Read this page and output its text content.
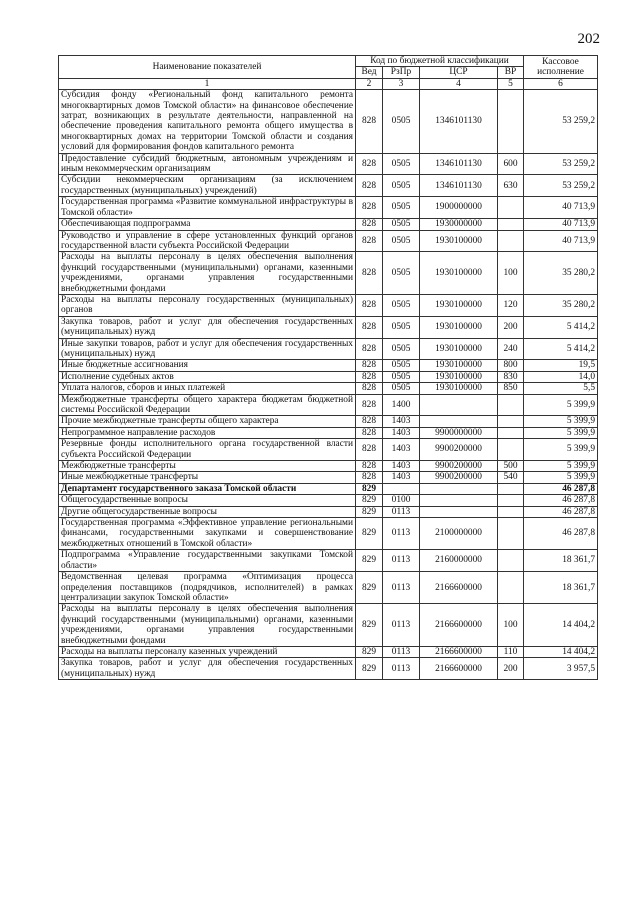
202
Наименование показателей	Код по бюджетной классификации				Кассовое исполнение
	Вед	РзПр	ЦСР	ВР	
1	2	3	4	5	6
Субсидия фонду «Региональный фонд капитального ремонта многоквартирных домов Томской области» на финансовое обеспечение затрат, возникающих в результате деятельности, направленной на обеспечение проведения капитального ремонта общего имущества в многоквартирных домах на территории Томской области и создания условий для формирования фондов капитального ремонта	828	0505	1346101130		53 259,2
Предоставление субсидий бюджетным, автономным учреждениям и иным некоммерческим организациям	828	0505	1346101130	600	53 259,2
Субсидии некоммерческим организациям (за исключением государственных (муниципальных) учреждений)	828	0505	1346101130	630	53 259,2
Государственная программа «Развитие коммунальной инфраструктуры в Томской области»	828	0505	1900000000		40 713,9
Обеспечивающая подпрограмма	828	0505	1930000000		40 713,9
Руководство и управление в сфере установленных функций органов государственной власти субъекта Российской Федерации	828	0505	1930100000		40 713,9
Расходы на выплаты персоналу в целях обеспечения выполнения функций государственными (муниципальными) органами, казенными учреждениями, органами управления государственными внебюджетными фондами	828	0505	1930100000	100	35 280,2
Расходы на выплаты персоналу государственных (муниципальных) органов	828	0505	1930100000	120	35 280,2
Закупка товаров, работ и услуг для обеспечения государственных (муниципальных) нужд	828	0505	1930100000	200	5 414,2
Иные закупки товаров, работ и услуг для обеспечения государственных (муниципальных) нужд	828	0505	1930100000	240	5 414,2
Иные бюджетные ассигнования	828	0505	1930100000	800	19,5
Исполнение судебных актов	828	0505	1930100000	830	14,0
Уплата налогов, сборов и иных платежей	828	0505	1930100000	850	5,5
Межбюджетные трансферты общего характера бюджетам бюджетной системы Российской Федерации	828	1400			5 399,9
Прочие межбюджетные трансферты общего характера	828	1403			5 399,9
Непрограммное направление расходов	828	1403	9900000000		5 399,9
Резервные фонды исполнительного органа государственной власти субъекта Российской Федерации	828	1403	9900200000		5 399,9
Межбюджетные трансферты	828	1403	9900200000	500	5 399,9
Иные межбюджетные трансферты	828	1403	9900200000	540	5 399,9
Департамент государственного заказа Томской области	829				46 287,8
Общегосударственные вопросы	829	0100			46 287,8
Другие общегосударственные вопросы	829	0113			46 287,8
Государственная программа «Эффективное управление региональными финансами, государственными закупками и совершенствование межбюджетных отношений в Томской области»	829	0113	2100000000		46 287,8
Подпрограмма «Управление государственными закупками Томской области»	829	0113	2160000000		18 361,7
Ведомственная целевая программа «Оптимизация процесса определения поставщиков (подрядчиков, исполнителей) в рамках централизации закупок Томской области»	829	0113	2166600000		18 361,7
Расходы на выплаты персоналу в целях обеспечения выполнения функций государственными (муниципальными) органами, казенными учреждениями, органами управления государственными внебюджетными фондами	829	0113	2166600000	100	14 404,2
Расходы на выплаты персоналу казенных учреждений	829	0113	2166600000	110	14 404,2
Закупка товаров, работ и услуг для обеспечения государственных (муниципальных) нужд	829	0113	2166600000	200	3 957,5
